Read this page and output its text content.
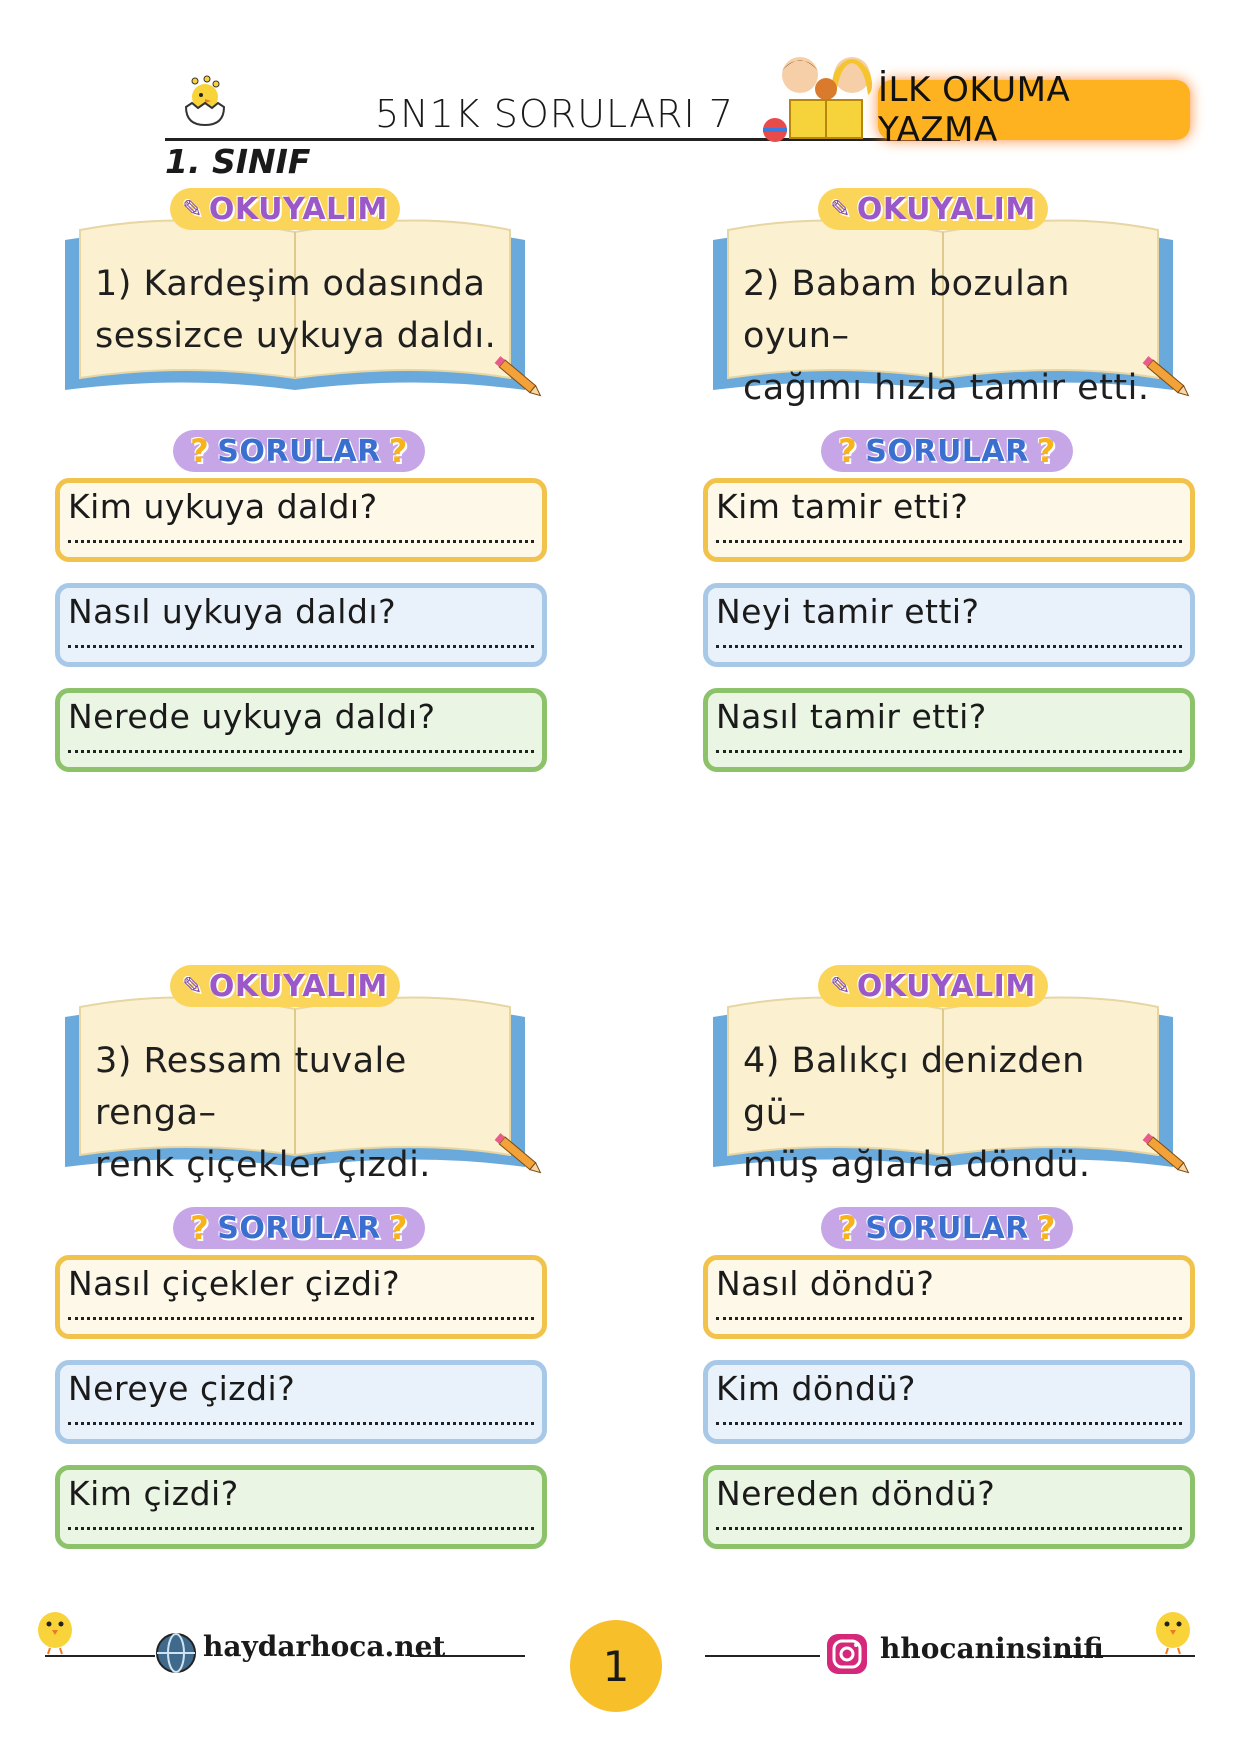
5N1K SORULARI 7
1. SINIF
İLK OKUMA YAZMA
1) Kardeşim odasında
sessizce uykuya daldı.
✎ OKUYALIM
? SORULAR ?
Kim uykuya daldı?
Nasıl uykuya daldı?
Nerede uykuya daldı?
2) Babam bozulan oyun–
cağımı hızla tamir etti.
✎ OKUYALIM
? SORULAR ?
Kim tamir etti?
Neyi tamir etti?
Nasıl tamir etti?
3) Ressam tuvale renga–
renk çiçekler çizdi.
✎ OKUYALIM
? SORULAR ?
Nasıl çiçekler çizdi?
Nereye çizdi?
Kim çizdi?
4) Balıkçı denizden gü–
müş ağlarla döndü.
✎ OKUYALIM
? SORULAR ?
Nasıl döndü?
Kim döndü?
Nereden döndü?
haydarhoca.net	1	hhocaninsinifi
